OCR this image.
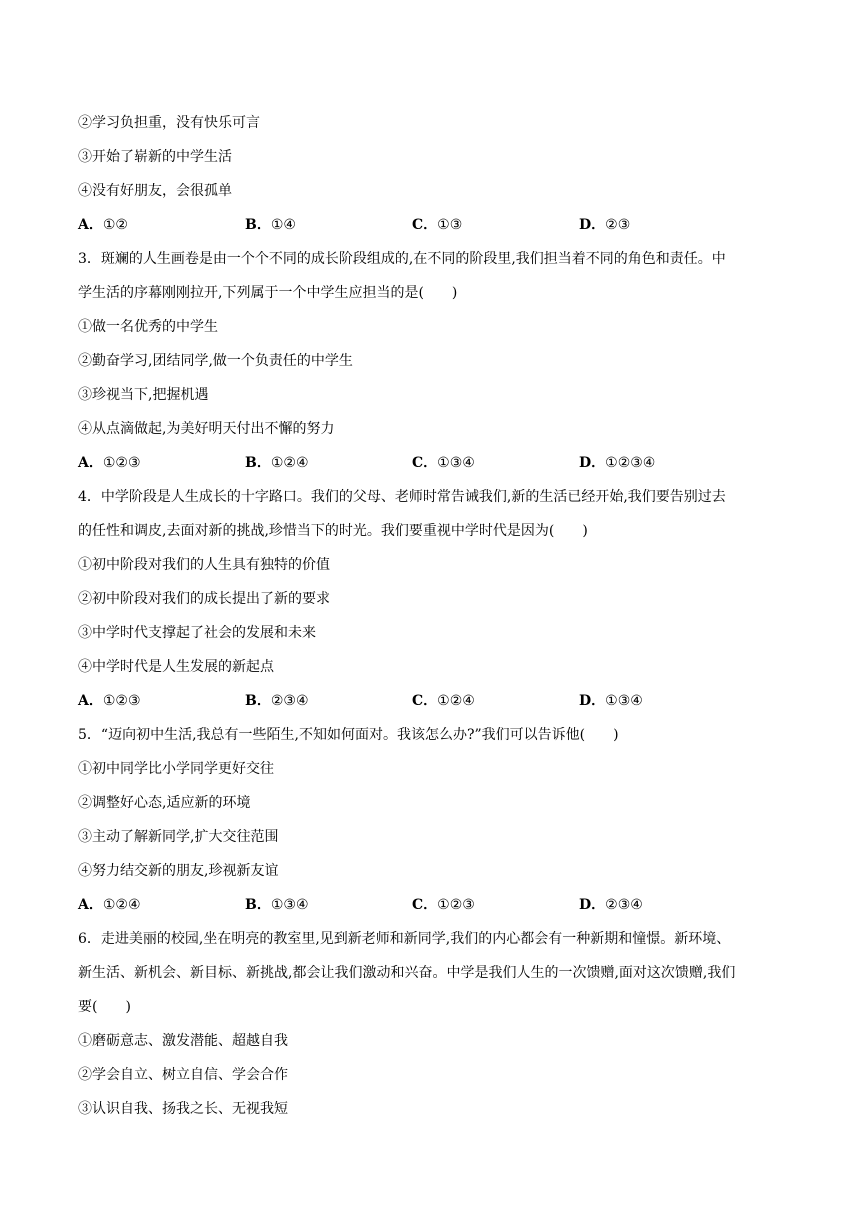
②学习负担重，没有快乐可言
③开始了崭新的中学生活
④没有好朋友，会很孤单
A．①②	B．①④	C．①③	D．②③
3．斑斓的人生画卷是由一个个不同的成长阶段组成的,在不同的阶段里,我们担当着不同的角色和责任。中
学生活的序幕刚刚拉开,下列属于一个中学生应担当的是(　　)
①做一名优秀的中学生
②勤奋学习,团结同学,做一个负责任的中学生
③珍视当下,把握机遇
④从点滴做起,为美好明天付出不懈的努力
A．①②③	B．①②④	C．①③④	D．①②③④
4．中学阶段是人生成长的十字路口。我们的父母、老师时常告诫我们,新的生活已经开始,我们要告别过去
的任性和调皮,去面对新的挑战,珍惜当下的时光。我们要重视中学时代是因为(　　)
①初中阶段对我们的人生具有独特的价值
②初中阶段对我们的成长提出了新的要求
③中学时代支撑起了社会的发展和未来
④中学时代是人生发展的新起点
A．①②③	B．②③④	C．①②④	D．①③④
5．“迈向初中生活,我总有一些陌生,不知如何面对。我该怎么办?”我们可以告诉他(　　)
①初中同学比小学同学更好交往
②调整好心态,适应新的环境
③主动了解新同学,扩大交往范围
④努力结交新的朋友,珍视新友谊
A．①②④	B．①③④	C．①②③	D．②③④
6．走进美丽的校园,坐在明亮的教室里,见到新老师和新同学,我们的内心都会有一种新期和憧憬。新环境、
新生活、新机会、新目标、新挑战,都会让我们激动和兴奋。中学是我们人生的一次馈赠,面对这次馈赠,我们
要(　　)
①磨砺意志、激发潜能、超越自我
②学会自立、树立自信、学会合作
③认识自我、扬我之长、无视我短
